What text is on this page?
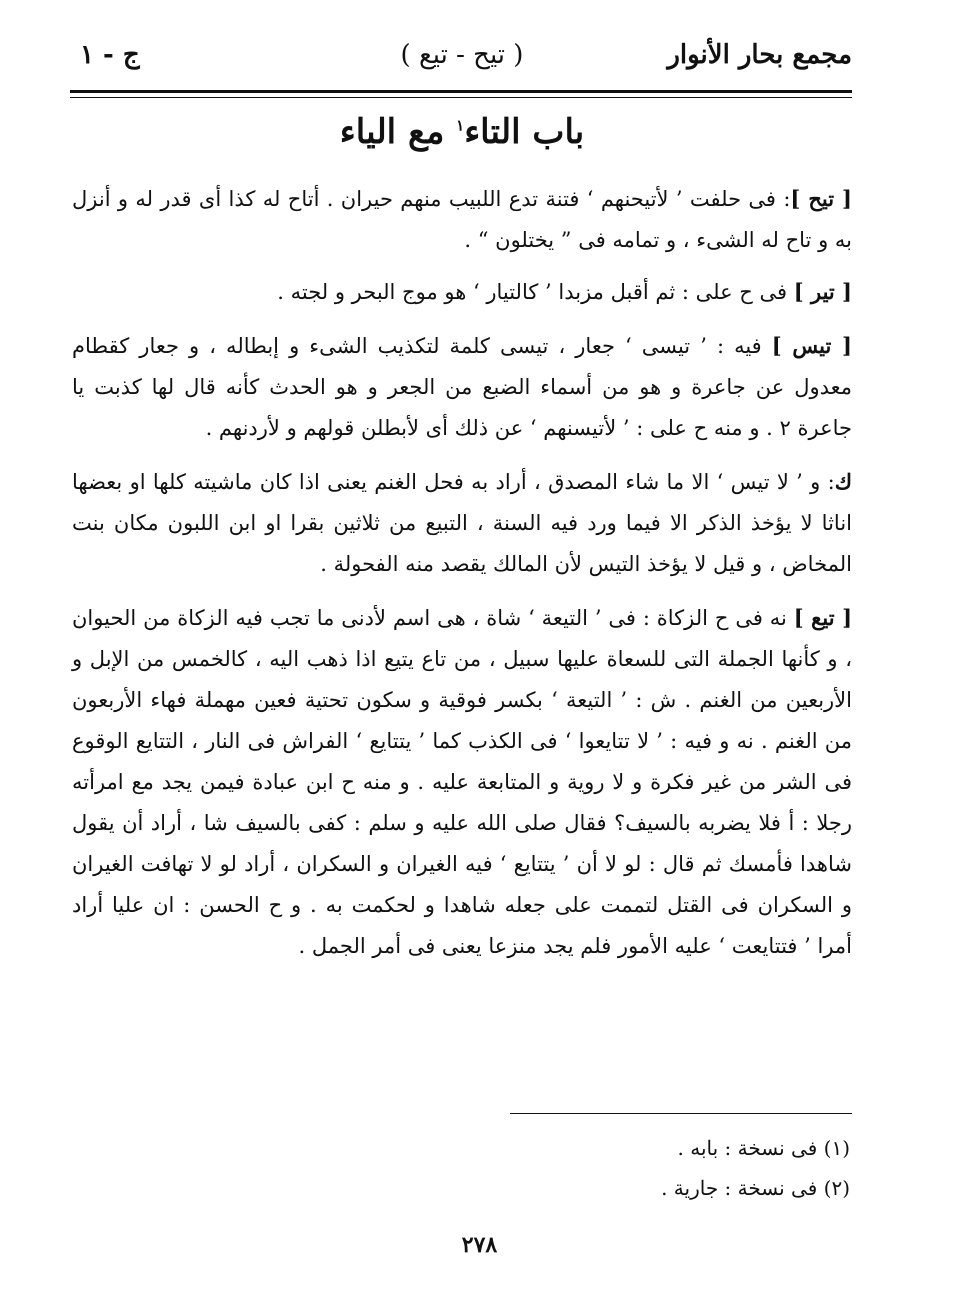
مجمع بحار الأنوار
( تيح - تيع )
ج - ١
باب التاء$^١$ مع الياء

[ تيح ]: فى حلفت ’ لأتيحنهم ‘ فتنة تدع اللبيب منهم حيران . أتاح له كذا أى قدر له و أنزل به و تاح له الشىء ، و تمامه فى ” يختلون “ .

[ تير ] فى ح على : ثم أقبل مزبدا ’ كالتيار ‘ هو موج البحر و لجته .

[ تيس ] فيه : ’ تيسى ‘ جعار ، تيسى كلمة لتكذيب الشىء و إبطاله ، و جعار كقطام معدول عن جاعرة و هو من أسماء الضبع من الجعر و هو الحدث كأنه قال لها كذبت يا جاعرة ٢ . و منه ح على : ’ لأتيسنهم ‘ عن ذلك أى لأبطلن قولهم و لأردنهم .

ك: و ’ لا تيس ‘ الا ما شاء المصدق ، أراد به فحل الغنم يعنى اذا كان ماشيته كلها او بعضها اناثا لا يؤخذ الذكر الا فيما ورد فيه السنة ، التبيع من ثلاثين بقرا او ابن اللبون مكان بنت المخاض ، و قيل لا يؤخذ التيس لأن المالك يقصد منه الفحولة .

[ تيع ] نه فى ح الزكاة : فى ’ التيعة ‘ شاة ، هى اسم لأدنى ما تجب فيه الزكاة من الحيوان ، و كأنها الجملة التى للسعاة عليها سبيل ، من تاع يتيع اذا ذهب اليه ، كالخمس من الإبل و الأربعين من الغنم . ش : ’ التيعة ‘ بكسر فوقية و سكون تحتية فعين مهملة فهاء الأربعون من الغنم . نه و فيه : ’ لا تتايعوا ‘ فى الكذب كما ’ يتتايع ‘ الفراش فى النار ، التتايع الوقوع فى الشر من غير فكرة و لا روية و المتابعة عليه . و منه ح ابن عبادة فيمن يجد مع امرأته رجلا : أ فلا يضربه بالسيف؟ فقال صلى الله عليه و سلم : كفى بالسيف شا ، أراد أن يقول شاهدا فأمسك ثم قال : لو لا أن ’ يتتايع ‘ فيه الغيران و السكران ، أراد لو لا تهافت الغيران و السكران فى القتل لتممت على جعله شاهدا و لحكمت به . و ح الحسن : ان عليا أراد أمرا ’ فتتايعت ‘ عليه الأمور فلم يجد منزعا يعنى فى أمر الجمل .

(١) فى نسخة : بابه .
(٢) فى نسخة : جارية .
٢٧٨
